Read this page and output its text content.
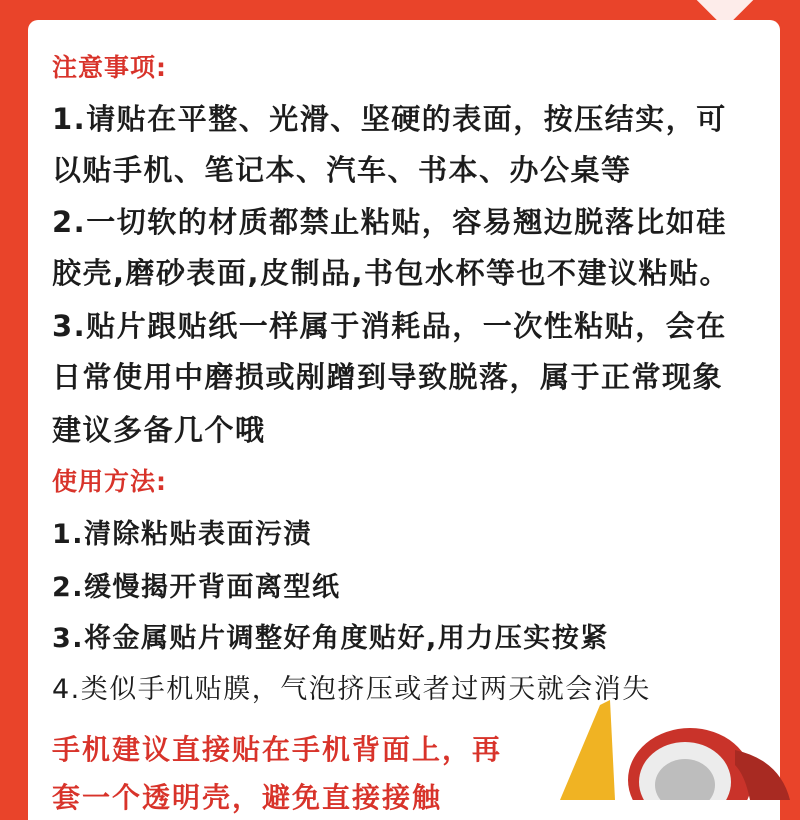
注意事项:
1.请贴在平整、光滑、坚硬的表面，按压结实，可
以贴手机、笔记本、汽车、书本、办公桌等
2.一切软的材质都禁止粘贴，容易翘边脱落比如硅
胶壳,磨砂表面,皮制品,书包水杯等也不建议粘贴。
3.贴片跟贴纸一样属于消耗品，一次性粘贴，会在
日常使用中磨损或剐蹭到导致脱落，属于正常现象
建议多备几个哦
使用方法:
1.清除粘贴表面污渍
2.缓慢揭开背面离型纸
3.将金属贴片调整好角度贴好,用力压实按紧
4.类似手机贴膜，气泡挤压或者过两天就会消失
手机建议直接贴在手机背面上，再
套一个透明壳，避免直接接触
